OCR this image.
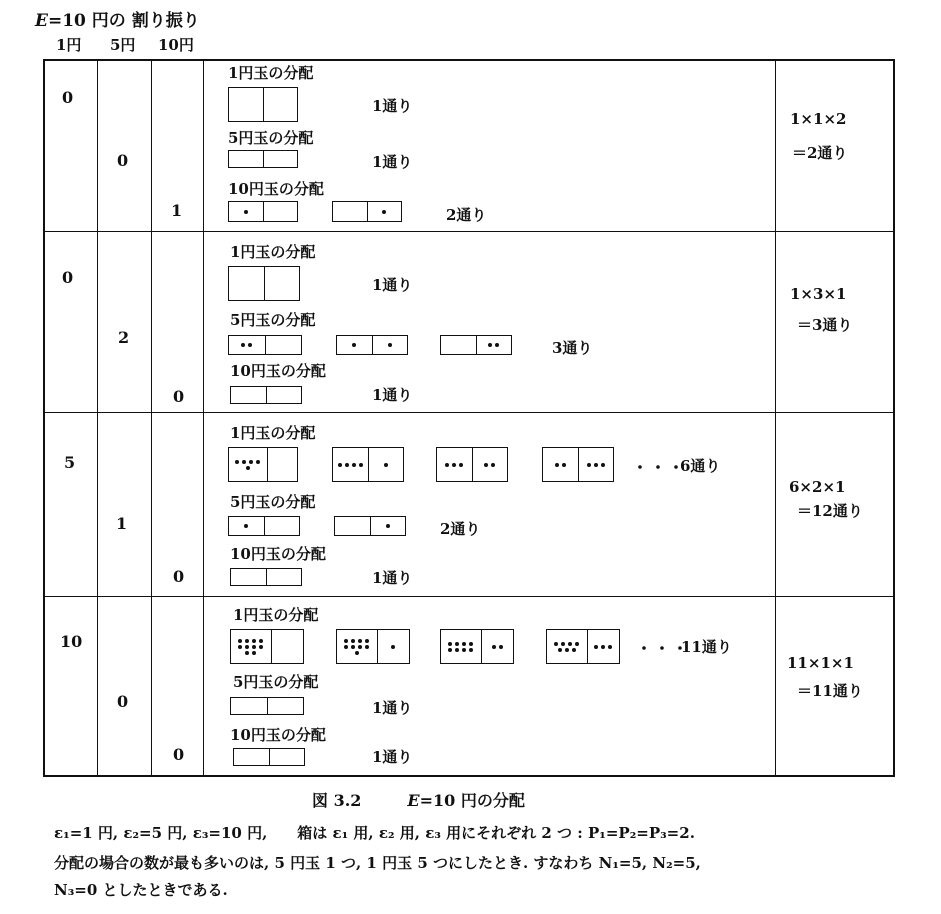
E=10 円の 割り振り
1円 5円 10円
0
0
1
1円玉の分配
1通り
5円玉の分配
1通り
10円玉の分配
2通り
1×1×2
＝2通り
0
2
0
1円玉の分配
1通り
5円玉の分配
3通り
10円玉の分配
1通り
1×3×1
＝3通り
5
1
0
1円玉の分配
・・・
6通り
5円玉の分配
2通り
10円玉の分配
1通り
6×2×1
＝12通り
10
0
0
1円玉の分配
・・・
11通り
5円玉の分配
1通り
10円玉の分配
1通り
11×1×1
＝11通り
図 3.2	E=10 円の分配
ε₁=1 円, ε₂=5 円, ε₃=10 円,　　箱は ε₁ 用, ε₂ 用, ε₃ 用にそれぞれ 2 つ : P₁=P₂=P₃=2.
分配の場合の数が最も多いのは, 5 円玉 1 つ, 1 円玉 5 つにしたとき. すなわち N₁=5, N₂=5,
N₃=0 としたときである.
